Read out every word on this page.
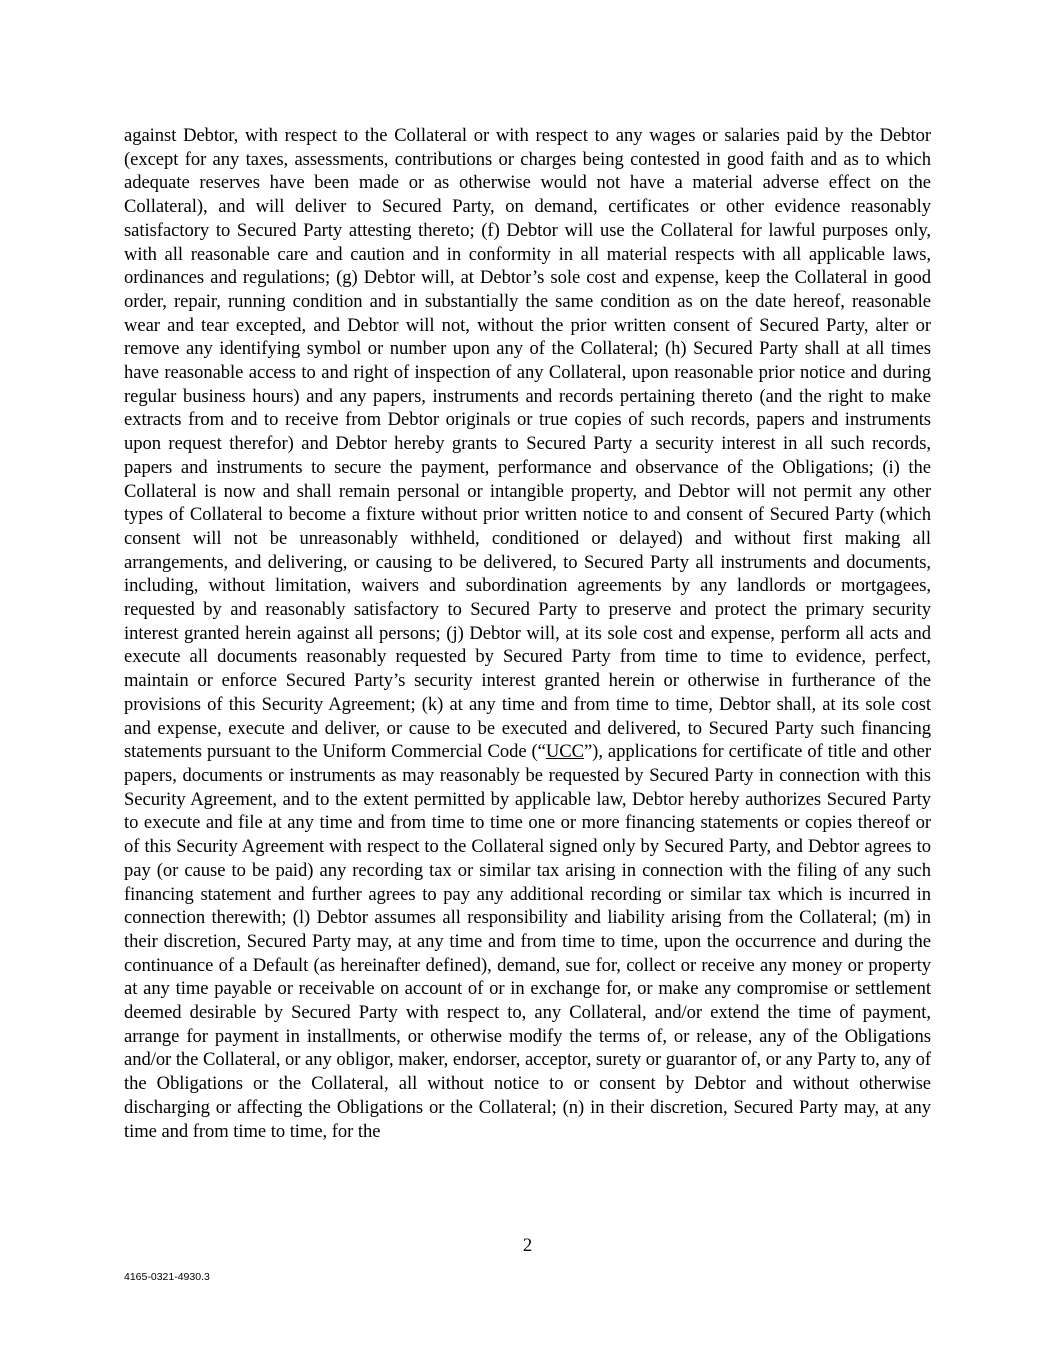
against Debtor, with respect to the Collateral or with respect to any wages or salaries paid by the Debtor (except for any taxes, assessments, contributions or charges being contested in good faith and as to which adequate reserves have been made or as otherwise would not have a material adverse effect on the Collateral), and will deliver to Secured Party, on demand, certificates or other evidence reasonably satisfactory to Secured Party attesting thereto; (f) Debtor will use the Collateral for lawful purposes only, with all reasonable care and caution and in conformity in all material respects with all applicable laws, ordinances and regulations; (g) Debtor will, at Debtor’s sole cost and expense, keep the Collateral in good order, repair, running condition and in substantially the same condition as on the date hereof, reasonable wear and tear excepted, and Debtor will not, without the prior written consent of Secured Party, alter or remove any identifying symbol or number upon any of the Collateral; (h) Secured Party shall at all times have reasonable access to and right of inspection of any Collateral, upon reasonable prior notice and during regular business hours) and any papers, instruments and records pertaining thereto (and the right to make extracts from and to receive from Debtor originals or true copies of such records, papers and instruments upon request therefor) and Debtor hereby grants to Secured Party a security interest in all such records, papers and instruments to secure the payment, performance and observance of the Obligations; (i) the Collateral is now and shall remain personal or intangible property, and Debtor will not permit any other types of Collateral to become a fixture without prior written notice to and consent of Secured Party (which consent will not be unreasonably withheld, conditioned or delayed) and without first making all arrangements, and delivering, or causing to be delivered, to Secured Party all instruments and documents, including, without limitation, waivers and subordination agreements by any landlords or mortgagees, requested by and reasonably satisfactory to Secured Party to preserve and protect the primary security interest granted herein against all persons; (j) Debtor will, at its sole cost and expense, perform all acts and execute all documents reasonably requested by Secured Party from time to time to evidence, perfect, maintain or enforce Secured Party’s security interest granted herein or otherwise in furtherance of the provisions of this Security Agreement; (k) at any time and from time to time, Debtor shall, at its sole cost and expense, execute and deliver, or cause to be executed and delivered, to Secured Party such financing statements pursuant to the Uniform Commercial Code (“UCC”), applications for certificate of title and other papers, documents or instruments as may reasonably be requested by Secured Party in connection with this Security Agreement, and to the extent permitted by applicable law, Debtor hereby authorizes Secured Party to execute and file at any time and from time to time one or more financing statements or copies thereof or of this Security Agreement with respect to the Collateral signed only by Secured Party, and Debtor agrees to pay (or cause to be paid) any recording tax or similar tax arising in connection with the filing of any such financing statement and further agrees to pay any additional recording or similar tax which is incurred in connection therewith; (l) Debtor assumes all responsibility and liability arising from the Collateral; (m) in their discretion, Secured Party may, at any time and from time to time, upon the occurrence and during the continuance of a Default (as hereinafter defined), demand, sue for, collect or receive any money or property at any time payable or receivable on account of or in exchange for, or make any compromise or settlement deemed desirable by Secured Party with respect to, any Collateral, and/or extend the time of payment, arrange for payment in installments, or otherwise modify the terms of, or release, any of the Obligations and/or the Collateral, or any obligor, maker, endorser, acceptor, surety or guarantor of, or any Party to, any of the Obligations or the Collateral, all without notice to or consent by Debtor and without otherwise discharging or affecting the Obligations or the Collateral; (n) in their discretion, Secured Party may, at any time and from time to time, for the

2
4165-0321-4930.3
